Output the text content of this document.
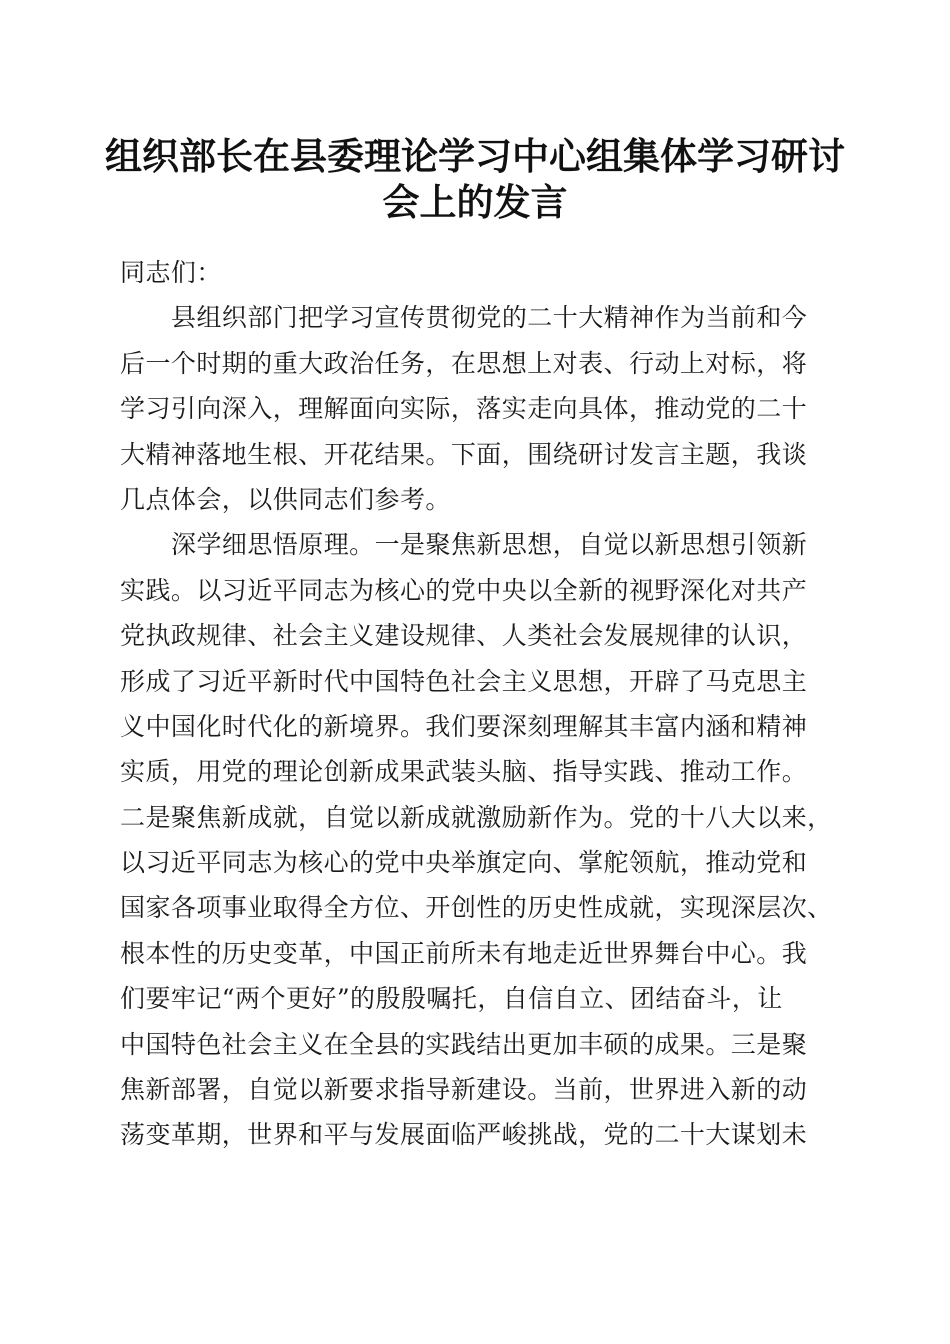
组织部长在县委理论学习中心组集体学习研讨
会上的发言
同志们：
县组织部门把学习宣传贯彻党的二十大精神作为当前和今
后一个时期的重大政治任务，在思想上对表、行动上对标，将
学习引向深入，理解面向实际，落实走向具体，推动党的二十
大精神落地生根、开花结果。下面，围绕研讨发言主题，我谈
几点体会，以供同志们参考。
深学细思悟原理。一是聚焦新思想，自觉以新思想引领新
实践。以习近平同志为核心的党中央以全新的视野深化对共产
党执政规律、社会主义建设规律、人类社会发展规律的认识，
形成了习近平新时代中国特色社会主义思想，开辟了马克思主
义中国化时代化的新境界。我们要深刻理解其丰富内涵和精神
实质，用党的理论创新成果武装头脑、指导实践、推动工作。
二是聚焦新成就，自觉以新成就激励新作为。党的十八大以来，
以习近平同志为核心的党中央举旗定向、掌舵领航，推动党和
国家各项事业取得全方位、开创性的历史性成就，实现深层次、
根本性的历史变革，中国正前所未有地走近世界舞台中心。我
们要牢记“两个更好”的殷殷嘱托，自信自立、团结奋斗，让
中国特色社会主义在全县的实践结出更加丰硕的成果。三是聚
焦新部署，自觉以新要求指导新建设。当前，世界进入新的动
荡变革期，世界和平与发展面临严峻挑战，党的二十大谋划未
